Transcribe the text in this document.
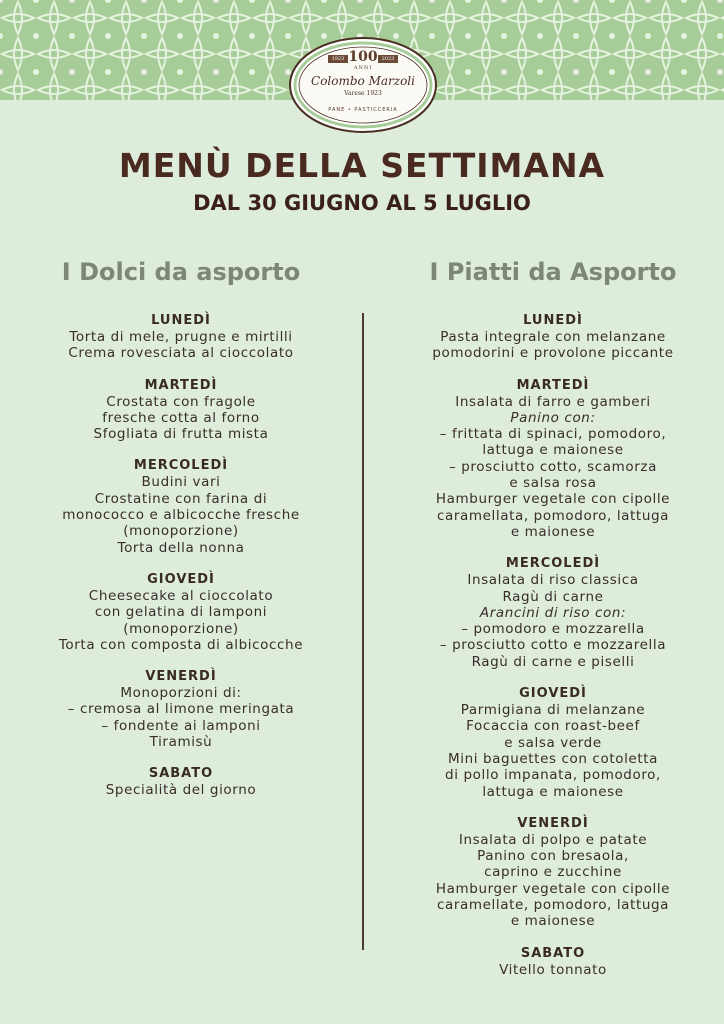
100
1923	2023
ANNI
Colombo Marzoli
Varese 1923
PANE • PASTICCERIA
MENÙ DELLA SETTIMANA
DAL 30 GIUGNO AL 5 LUGLIO
I Dolci da asporto	I Piatti da Asporto
LUNEDÌ
Torta di mele, prugne e mirtilli
Crema rovesciata al cioccolato
MARTEDÌ
Crostata con fragole
fresche cotta al forno
Sfogliata di frutta mista
MERCOLEDÌ
Budini vari
Crostatine con farina di
monococco e albicocche fresche
(monoporzione)
Torta della nonna
GIOVEDÌ
Cheesecake al cioccolato
con gelatina di lamponi
(monoporzione)
Torta con composta di albicocche
VENERDÌ
Monoporzioni di:
– cremosa al limone meringata
– fondente ai lamponi
Tiramisù
SABATO
Specialità del giorno
LUNEDÌ
Pasta integrale con melanzane
pomodorini e provolone piccante
MARTEDÌ
Insalata di farro e gamberi
Panino con:
– frittata di spinaci, pomodoro,
lattuga e maionese
– prosciutto cotto, scamorza
e salsa rosa
Hamburger vegetale con cipolle
caramellata, pomodoro, lattuga
e maionese
MERCOLEDÌ
Insalata di riso classica
Ragù di carne
Arancini di riso con:
– pomodoro e mozzarella
– prosciutto cotto e mozzarella
Ragù di carne e piselli
GIOVEDÌ
Parmigiana di melanzane
Focaccia con roast-beef
e salsa verde
Mini baguettes con cotoletta
di pollo impanata, pomodoro,
lattuga e maionese
VENERDÌ
Insalata di polpo e patate
Panino con bresaola,
caprino e zucchine
Hamburger vegetale con cipolle
caramellate, pomodoro, lattuga
e maionese
SABATO
Vitello tonnato
